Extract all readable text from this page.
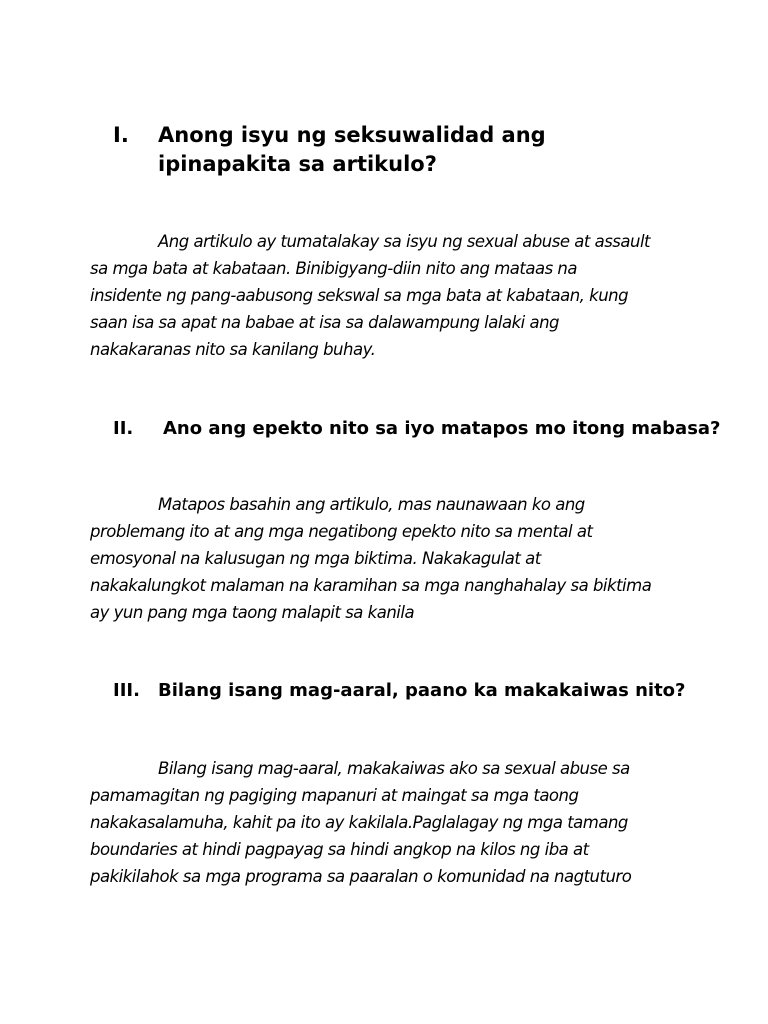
I. Anong isyu ng seksuwalidad ang
ipinapakita sa artikulo?

Ang artikulo ay tumatalakay sa isyu ng sexual abuse at assault
sa mga bata at kabataan. Binibigyang-diin nito ang mataas na
insidente ng pang-aabusong sekswal sa mga bata at kabataan, kung
saan isa sa apat na babae at isa sa dalawampung lalaki ang
nakakaranas nito sa kanilang buhay.

II. Ano ang epekto nito sa iyo matapos mo itong mabasa?

Matapos basahin ang artikulo, mas naunawaan ko ang
problemang ito at ang mga negatibong epekto nito sa mental at
emosyonal na kalusugan ng mga biktima. Nakakagulat at
nakakalungkot malaman na karamihan sa mga nanghahalay sa biktima
ay yun pang mga taong malapit sa kanila

III. Bilang isang mag-aaral, paano ka makakaiwas nito?

Bilang isang mag-aaral, makakaiwas ako sa sexual abuse sa
pamamagitan ng pagiging mapanuri at maingat sa mga taong
nakakasalamuha, kahit pa ito ay kakilala.Paglalagay ng mga tamang
boundaries at hindi pagpayag sa hindi angkop na kilos ng iba at
pakikilahok sa mga programa sa paaralan o komunidad na nagtuturo
